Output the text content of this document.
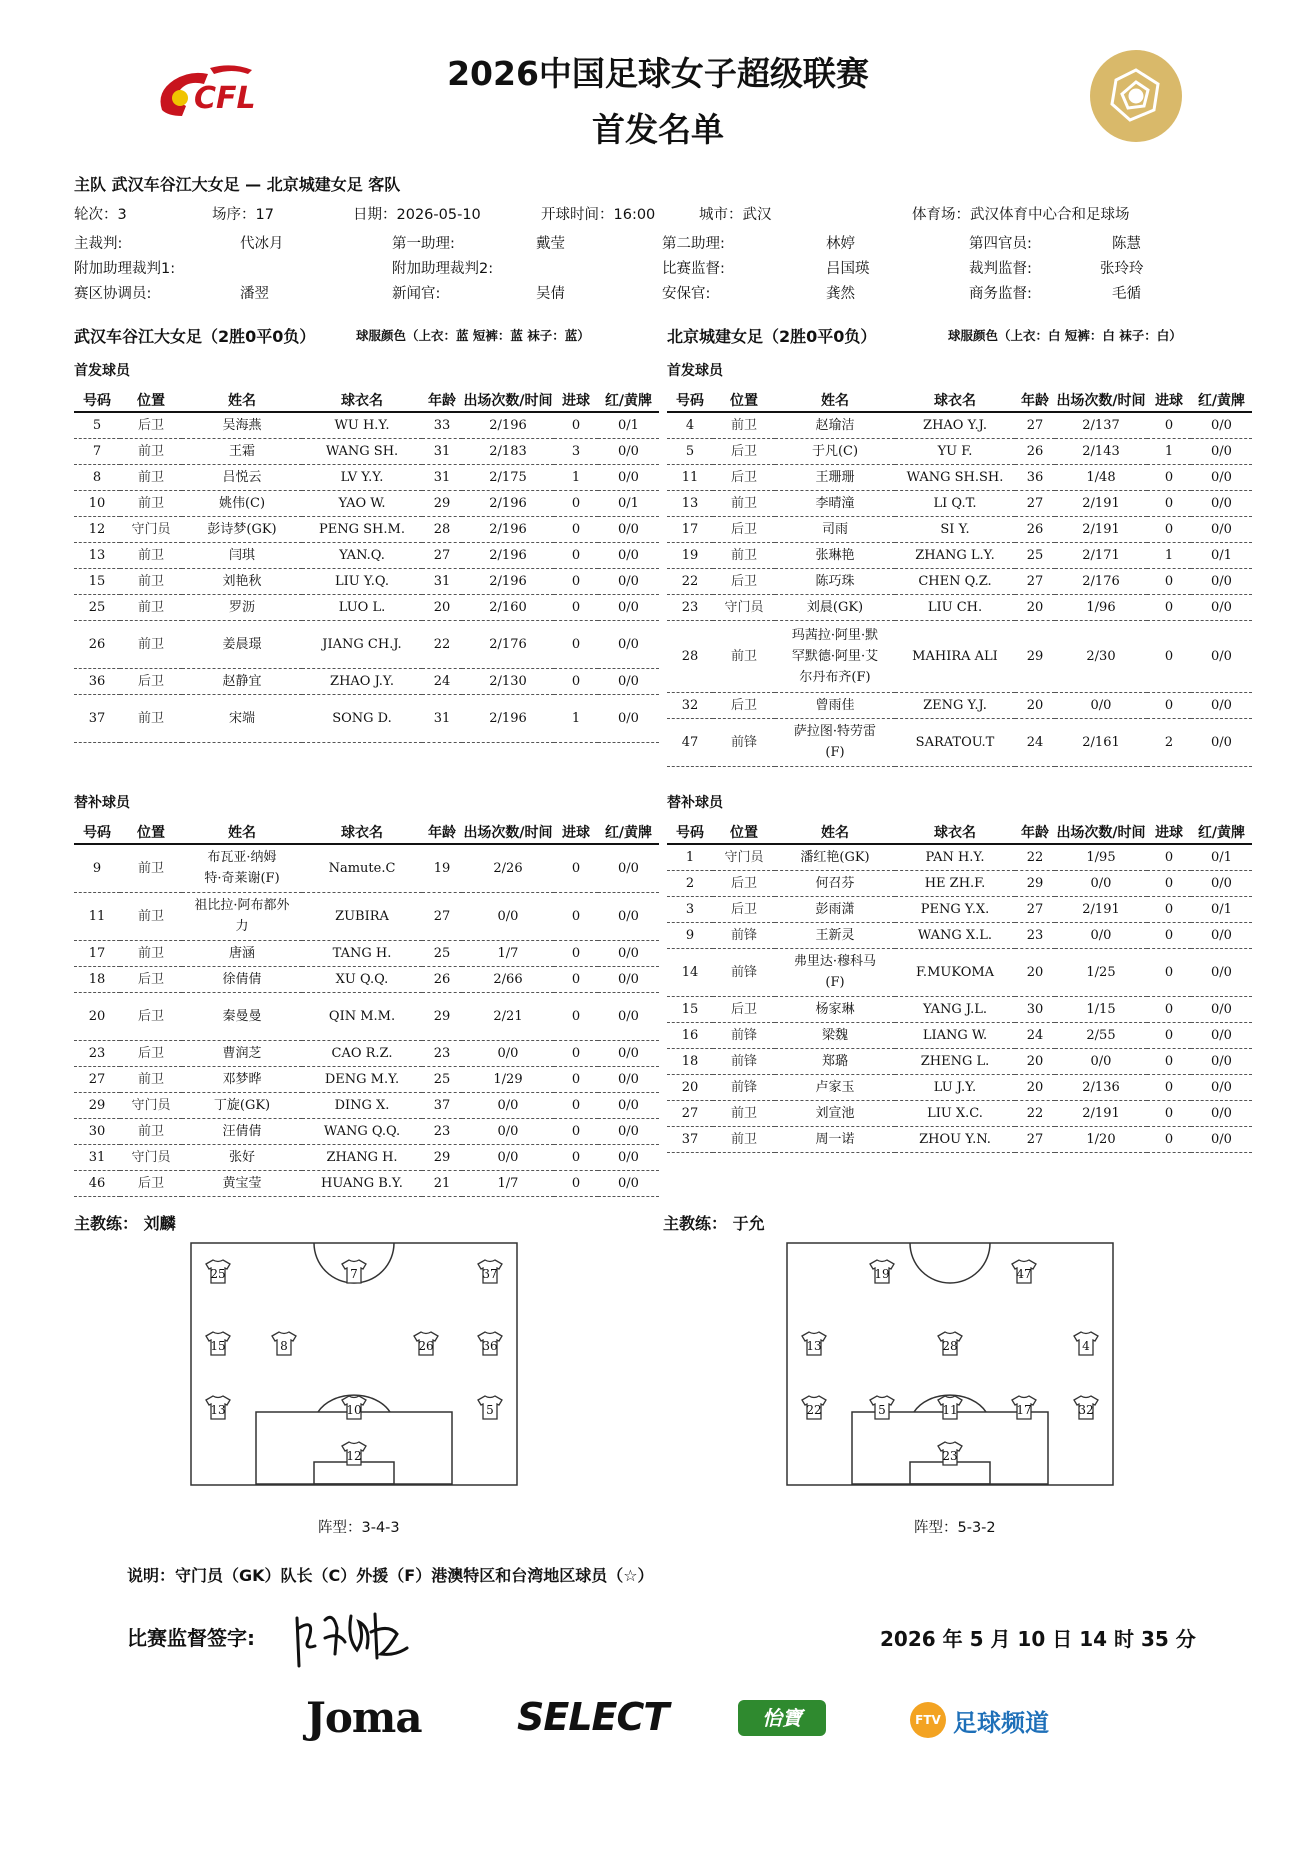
CFL
2026中国足球女子超级联赛
首发名单
主队 武汉车谷江大女足 — 北京城建女足 客队
轮次：3	场序：17	日期：2026-05-10	开球时间：16:00	城市：武汉	体育场：武汉体育中心合和足球场
主裁判:	代冰月	第一助理:	戴莹	第二助理:	林婷	第四官员:	陈慧
附加助理裁判1:	附加助理裁判2:	比赛监督:	吕国瑛	裁判监督:	张玲玲
赛区协调员:	潘翌	新闻官:	吴倩	安保官:	龚然	商务监督:	毛循
武汉车谷江大女足（2胜0平0负）	球服颜色（上衣：蓝 短裤：蓝 袜子：蓝）	北京城建女足（2胜0平0负）	球服颜色（上衣：白 短裤：白 袜子：白）
首发球员	首发球员
号码	位置	姓名	球衣名	年龄	出场次数/时间	进球	红/黄牌
5	后卫	吴海燕	WU H.Y.	33	2/196	0	0/1
7	前卫	王霜	WANG SH.	31	2/183	3	0/0
8	前卫	吕悦云	LV Y.Y.	31	2/175	1	0/0
10	前卫	姚伟(C)	YAO W.	29	2/196	0	0/1
12	守门员	彭诗梦(GK)	PENG SH.M.	28	2/196	0	0/0
13	前卫	闫琪	YAN.Q.	27	2/196	0	0/0
15	前卫	刘艳秋	LIU Y.Q.	31	2/196	0	0/0
25	前卫	罗沥	LUO L.	20	2/160	0	0/0
26	前卫	姜晨璟	JIANG CH.J.	22	2/176	0	0/0
36	后卫	赵静宜	ZHAO J.Y.	24	2/130	0	0/0
37	前卫	宋端	SONG D.	31	2/196	1	0/0
号码	位置	姓名	球衣名	年龄	出场次数/时间	进球	红/黄牌
4	前卫	赵瑜洁	ZHAO Y.J.	27	2/137	0	0/0
5	后卫	于凡(C)	YU F.	26	2/143	1	0/0
11	后卫	王珊珊	WANG SH.SH.	36	1/48	0	0/0
13	前卫	李晴潼	LI Q.T.	27	2/191	0	0/0
17	后卫	司雨	SI Y.	26	2/191	0	0/0
19	前卫	张琳艳	ZHANG L.Y.	25	2/171	1	0/1
22	后卫	陈巧珠	CHEN Q.Z.	27	2/176	0	0/0
23	守门员	刘晨(GK)	LIU CH.	20	1/96	0	0/0
28	前卫	玛茜拉·阿里·默
罕默德·阿里·艾
尔丹布齐(F)	MAHIRA ALI	29	2/30	0	0/0
32	后卫	曾雨佳	ZENG Y.J.	20	0/0	0	0/0
47	前锋	萨拉图·特劳雷
(F)	SARATOU.T	24	2/161	2	0/0
替补球员	替补球员
号码	位置	姓名	球衣名	年龄	出场次数/时间	进球	红/黄牌
9	前卫	布瓦亚·纳姆
特·奇莱谢(F)	Namute.C	19	2/26	0	0/0
11	前卫	祖比拉·阿布都外
力	ZUBIRA	27	0/0	0	0/0
17	前卫	唐涵	TANG H.	25	1/7	0	0/0
18	后卫	徐倩倩	XU Q.Q.	26	2/66	0	0/0
20	后卫	秦曼曼	QIN M.M.	29	2/21	0	0/0
23	后卫	曹润芝	CAO R.Z.	23	0/0	0	0/0
27	前卫	邓梦晔	DENG M.Y.	25	1/29	0	0/0
29	守门员	丁旋(GK)	DING X.	37	0/0	0	0/0
30	前卫	汪倩倩	WANG Q.Q.	23	0/0	0	0/0
31	守门员	张好	ZHANG H.	29	0/0	0	0/0
46	后卫	黄宝莹	HUANG B.Y.	21	1/7	0	0/0
号码	位置	姓名	球衣名	年龄	出场次数/时间	进球	红/黄牌
1	守门员	潘红艳(GK)	PAN H.Y.	22	1/95	0	0/1
2	后卫	何召芬	HE ZH.F.	29	0/0	0	0/0
3	后卫	彭雨潇	PENG Y.X.	27	2/191	0	0/1
9	前锋	王新灵	WANG X.L.	23	0/0	0	0/0
14	前锋	弗里达·穆科马
(F)	F.MUKOMA	20	1/25	0	0/0
15	后卫	杨家琳	YANG J.L.	30	1/15	0	0/0
16	前锋	梁魏	LIANG W.	24	2/55	0	0/0
18	前锋	郑璐	ZHENG L.	20	0/0	0	0/0
20	前锋	卢家玉	LU J.Y.	20	2/136	0	0/0
27	前卫	刘宣池	LIU X.C.	22	2/191	0	0/0
37	前卫	周一诺	ZHOU Y.N.	27	1/20	0	0/0
主教练： 刘麟	主教练： 于允
25	7	37
15	8	26	36
13	10	5
12
19	47
13	28	4
22	5	11	17	32
23
阵型：3-4-3	阵型：5-3-2
说明：守门员（GK）队长（C）外援（F）港澳特区和台湾地区球员（☆）
比赛监督签字:	2026 年 5 月 10 日 14 时 35 分
Joma	SELECT	怡寶	FTV 足球频道
